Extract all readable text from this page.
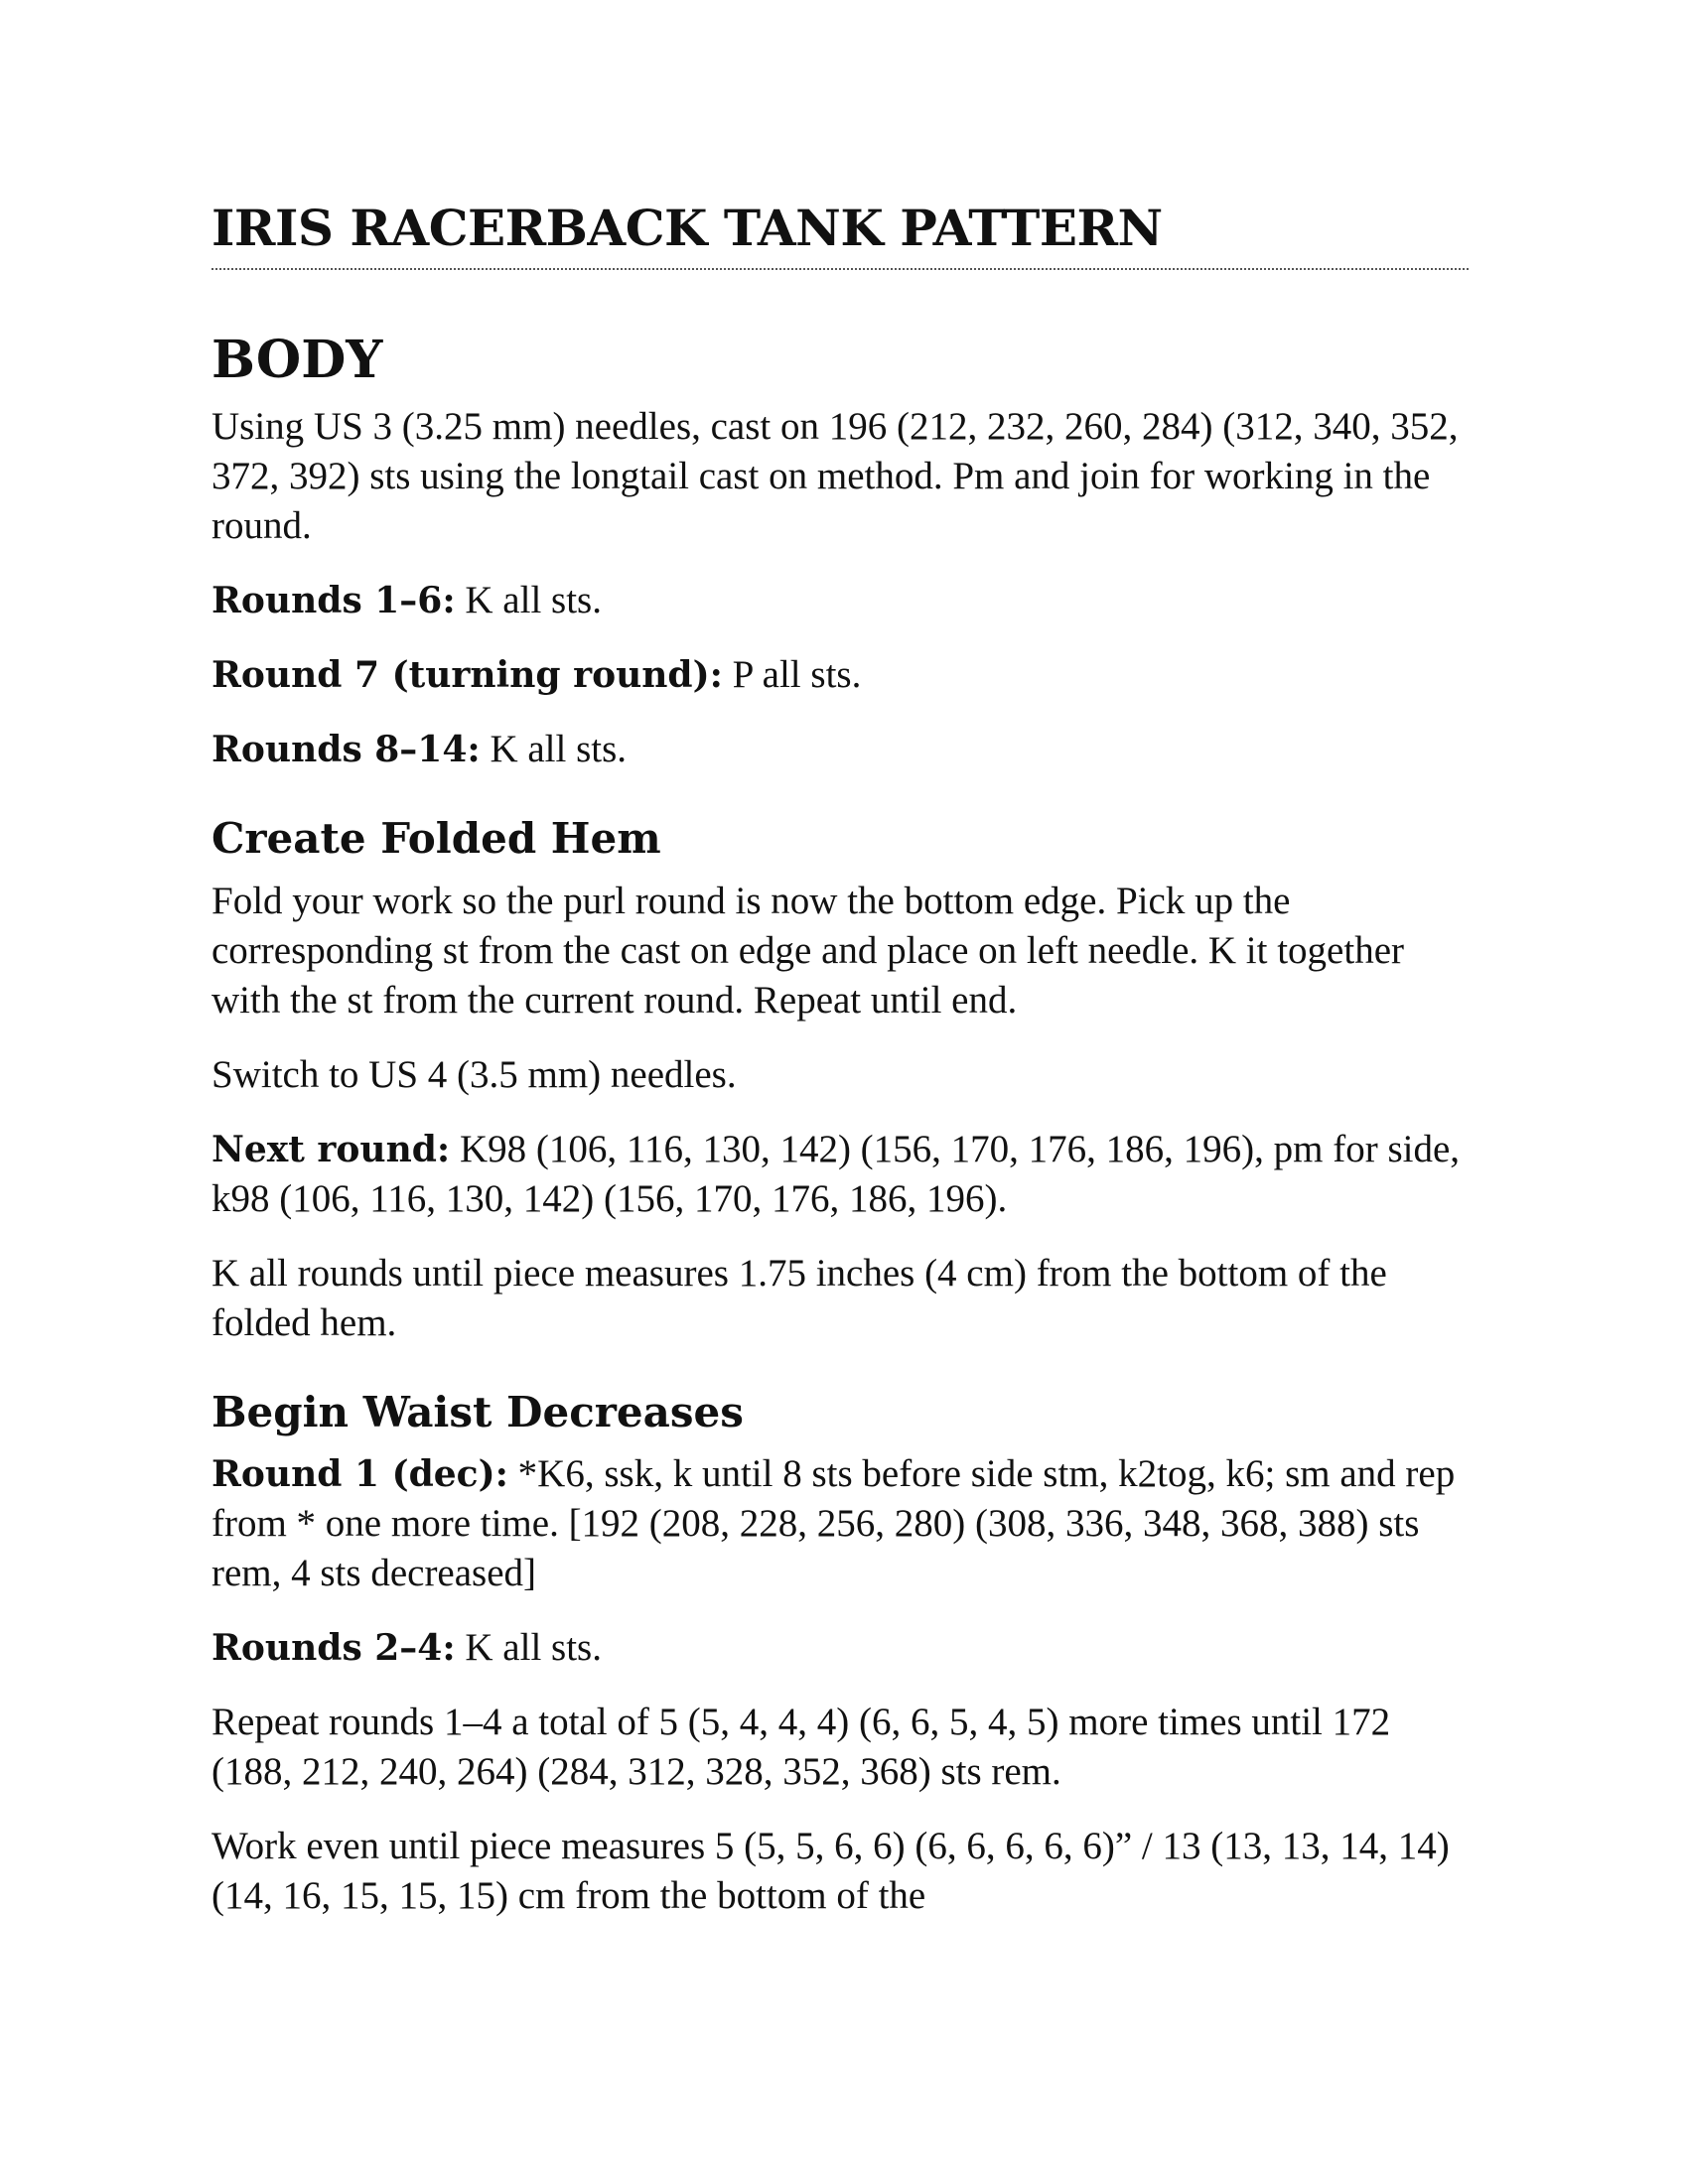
IRIS RACERBACK TANK PATTERN
BODY

Using US 3 (3.25 mm) needles, cast on 196 (212, 232, 260, 284) (312, 340, 352, 372, 392) sts using the longtail cast on method. Pm and join for working in the round.

Rounds 1–6: K all sts.

Round 7 (turning round): P all sts.

Rounds 8–14: K all sts.

Create Folded Hem

Fold your work so the purl round is now the bottom edge. Pick up the corresponding st from the cast on edge and place on left needle. K it together with the st from the current round. Repeat until end.

Switch to US 4 (3.5 mm) needles.

Next round: K98 (106, 116, 130, 142) (156, 170, 176, 186, 196), pm for side, k98 (106, 116, 130, 142) (156, 170, 176, 186, 196).

K all rounds until piece measures 1.75 inches (4 cm) from the bottom of the folded hem.

Begin Waist Decreases

Round 1 (dec): *K6, ssk, k until 8 sts before side stm, k2tog, k6; sm and rep from * one more time. [192 (208, 228, 256, 280) (308, 336, 348, 368, 388) sts rem, 4 sts decreased]

Rounds 2–4: K all sts.

Repeat rounds 1–4 a total of 5 (5, 4, 4, 4) (6, 6, 5, 4, 5) more times until 172 (188, 212, 240, 264) (284, 312, 328, 352, 368) sts rem.

Work even until piece measures 5 (5, 5, 6, 6) (6, 6, 6, 6, 6)” / 13 (13, 13, 14, 14) (14, 16, 15, 15, 15) cm from the bottom of the
